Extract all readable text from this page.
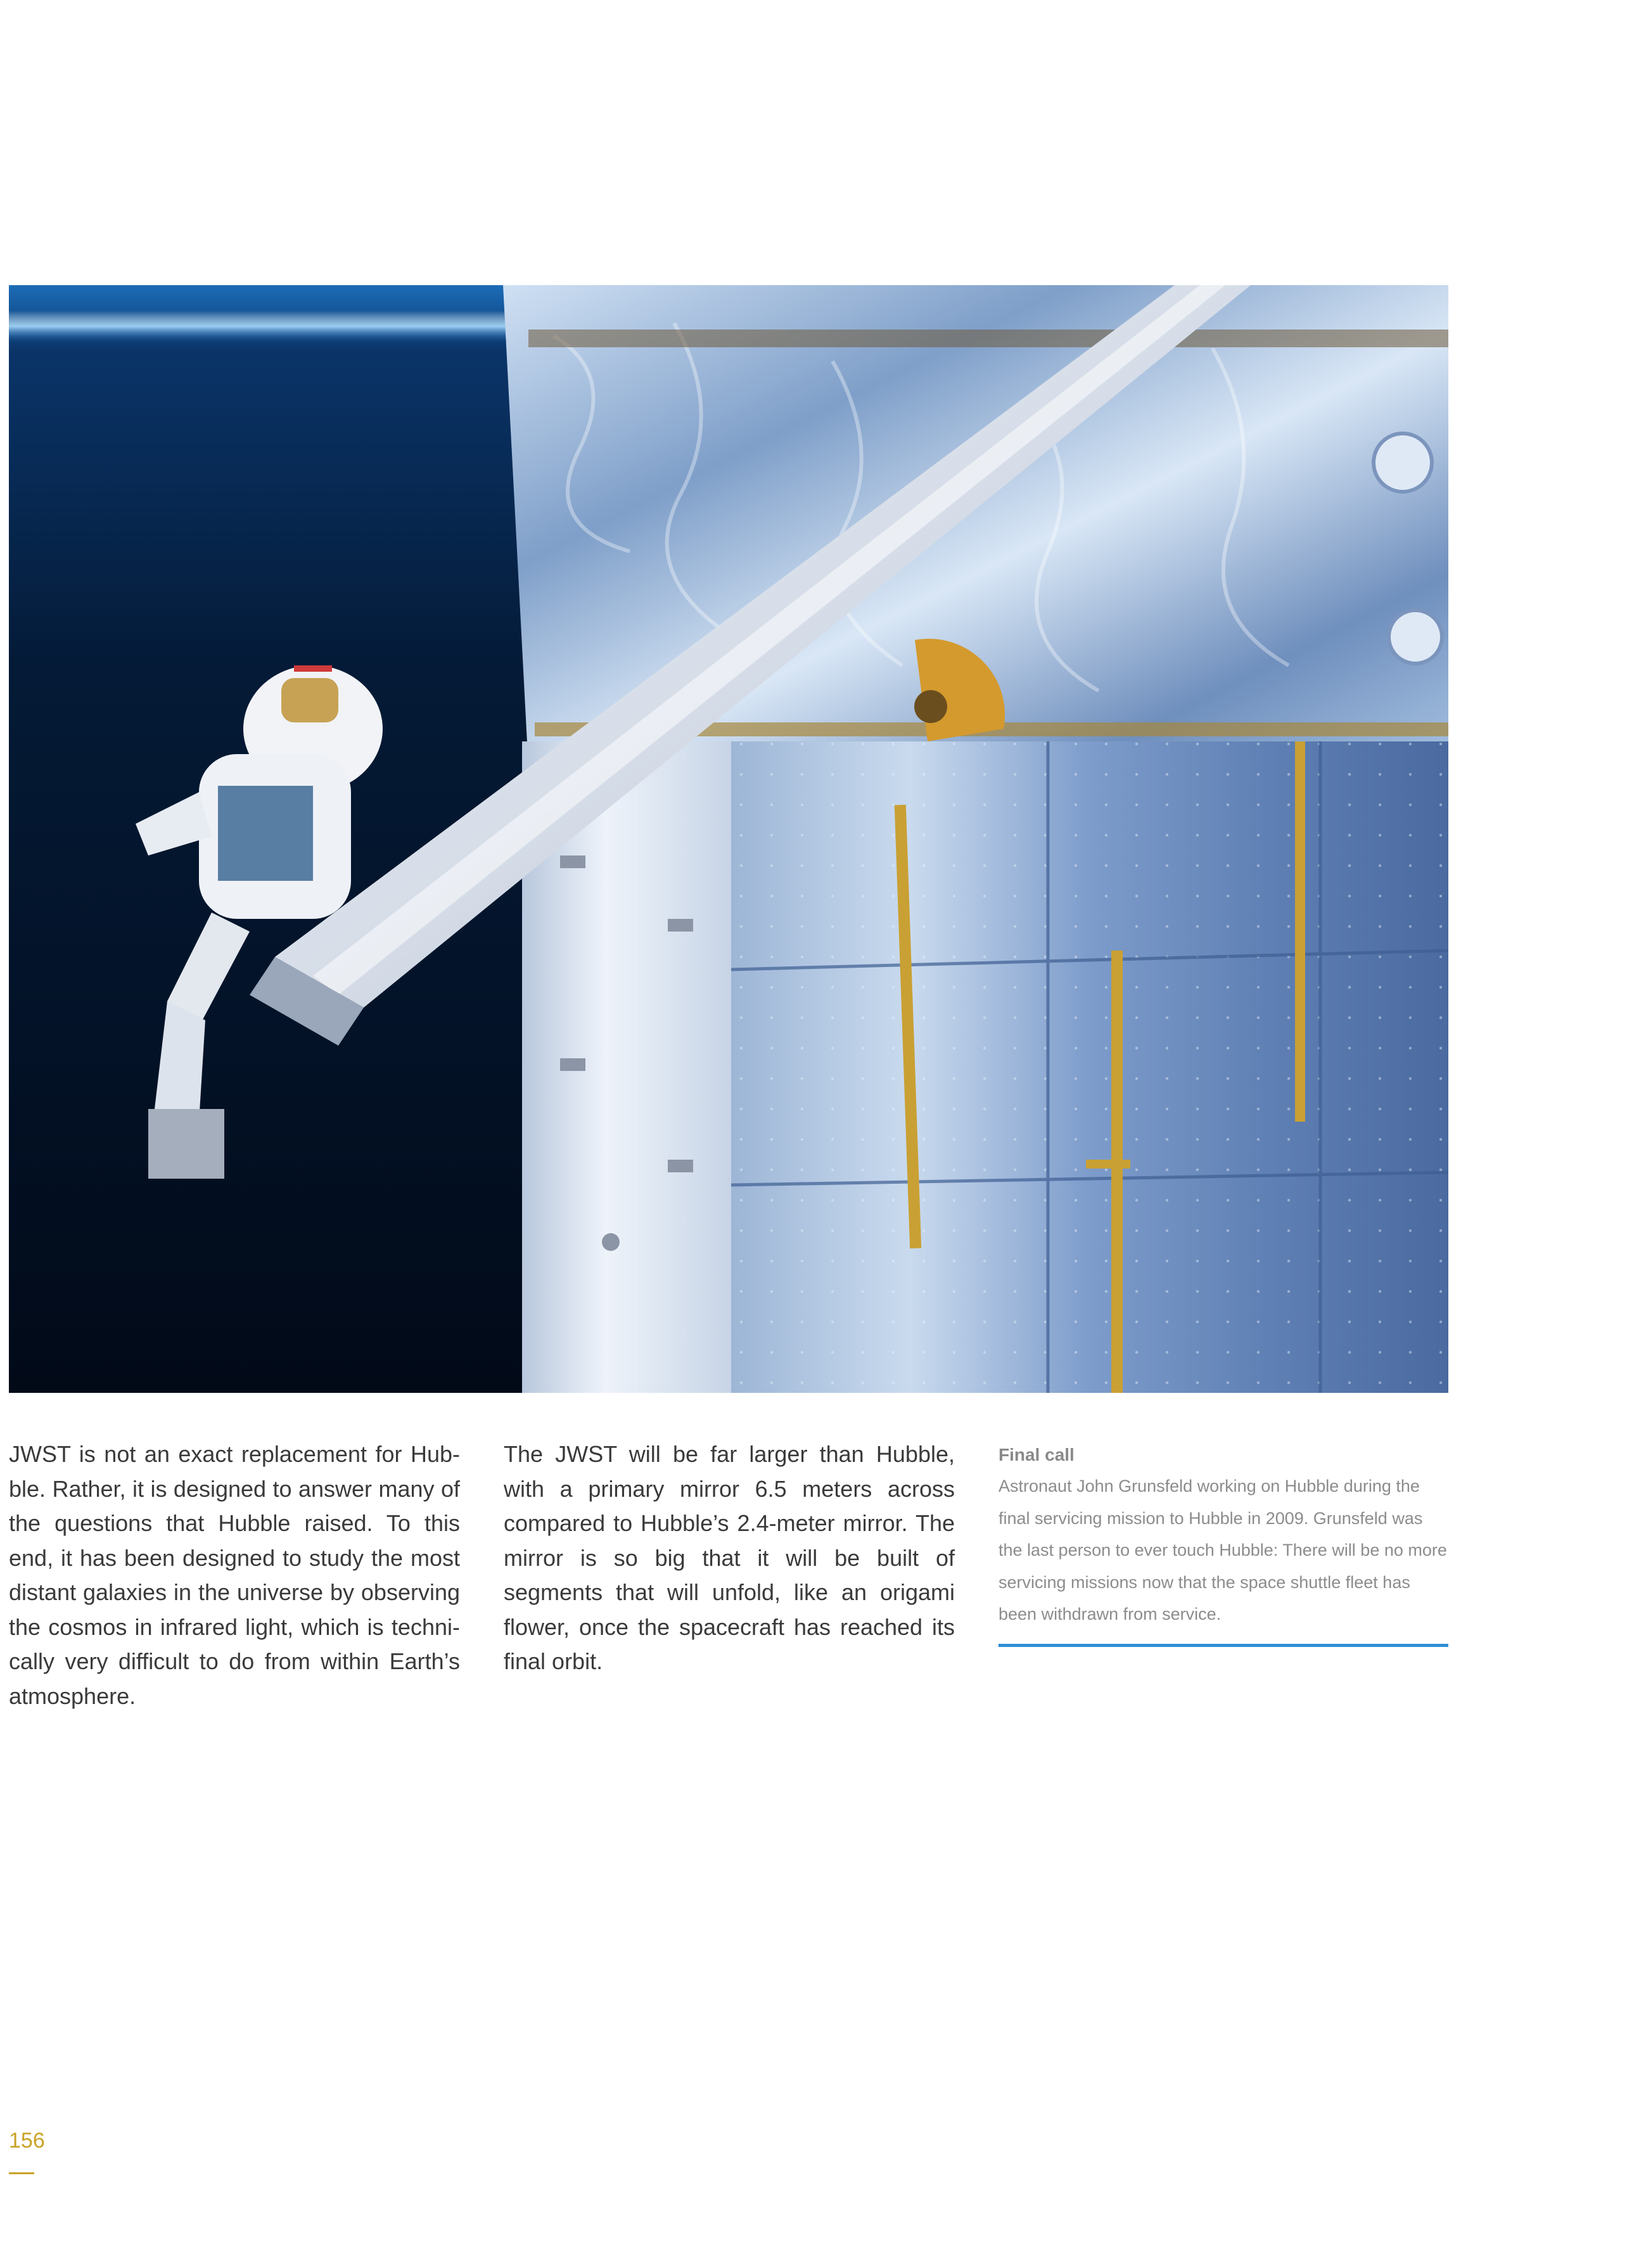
JWST is not an exact replacement for Hubble. Rather, it is designed to answer many of the questions that Hubble raised. To this end, it has been designed to study the most distant galaxies in the universe by observing the cosmos in infrared light, which is technically very difficult to do from within Earth’s atmosphere.
The JWST will be far larger than Hubble, with a primary mirror 6.5 meters across compared to Hubble’s 2.4-meter mirror. The mirror is so big that it will be built of segments that will unfold, like an origami flower, once the spacecraft has reached its final orbit.

Final call

Astronaut John Grunsfeld working on Hubble during the final servicing mission to Hubble in 2009. Grunsfeld was the last person to ever touch Hubble: There will be no more servicing missions now that the space shuttle fleet has been withdrawn from service.

156
